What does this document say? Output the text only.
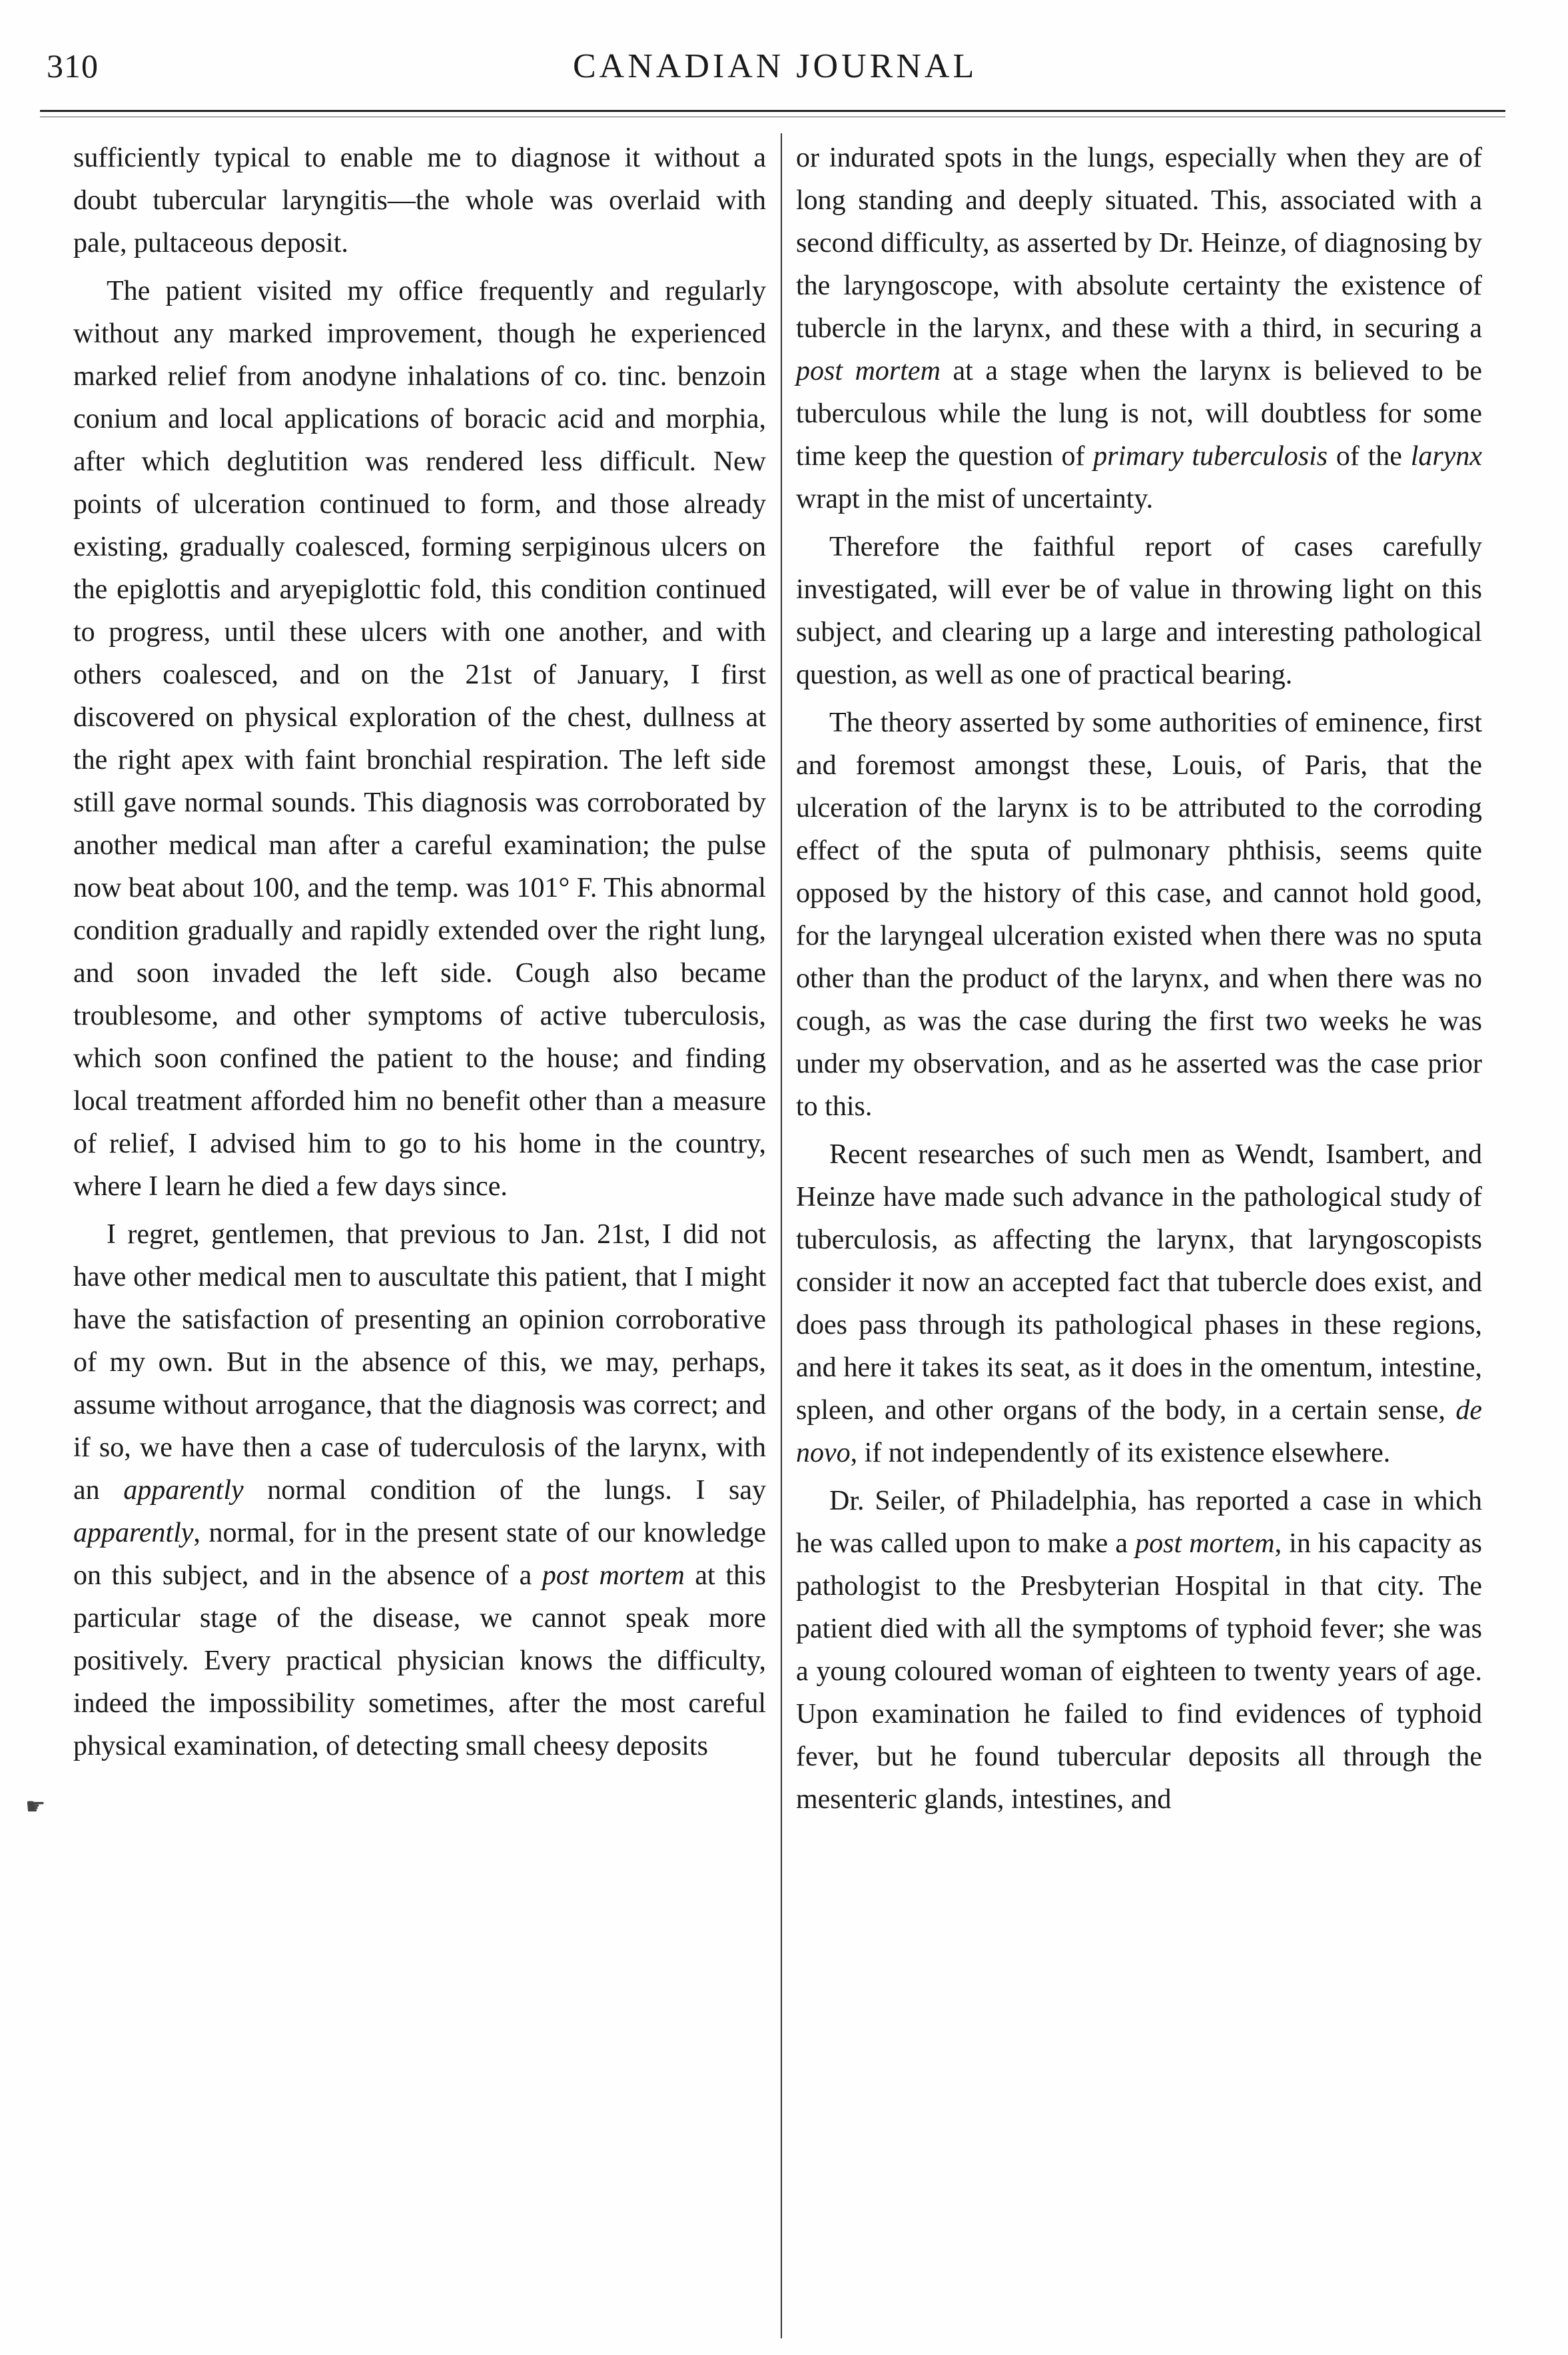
310	CANADIAN JOURNAL
☛

sufficiently typical to enable me to diagnose it without a doubt tubercular laryngitis—the whole was overlaid with pale, pultaceous deposit.

The patient visited my office frequently and regularly without any marked improvement, though he experienced marked relief from anodyne inhalations of co. tinc. benzoin conium and local applications of boracic acid and morphia, after which deglutition was rendered less difficult. New points of ulceration continued to form, and those already existing, gradually coalesced, forming serpiginous ulcers on the epiglottis and aryepiglottic fold, this condition continued to progress, until these ulcers with one another, and with others coalesced, and on the 21st of January, I first discovered on physical exploration of the chest, dullness at the right apex with faint bronchial respiration. The left side still gave normal sounds. This diagnosis was corroborated by another medical man after a careful examination; the pulse now beat about 100, and the temp. was 101° F. This abnormal condition gradually and rapidly extended over the right lung, and soon invaded the left side. Cough also became troublesome, and other symptoms of active tuberculosis, which soon confined the patient to the house; and finding local treatment afforded him no benefit other than a measure of relief, I advised him to go to his home in the country, where I learn he died a few days since.

I regret, gentlemen, that previous to Jan. 21st, I did not have other medical men to auscultate this patient, that I might have the satisfaction of presenting an opinion corroborative of my own. But in the absence of this, we may, perhaps, assume without arrogance, that the diagnosis was correct; and if so, we have then a case of tuderculosis of the larynx, with an apparently normal condition of the lungs. I say apparently, normal, for in the present state of our knowledge on this subject, and in the absence of a post mortem at this particular stage of the disease, we cannot speak more positively. Every practical physician knows the difficulty, indeed the impossibility sometimes, after the most careful physical examination, of detecting small cheesy deposits

or indurated spots in the lungs, especially when they are of long standing and deeply situated. This, associated with a second difficulty, as asserted by Dr. Heinze, of diagnosing by the laryngoscope, with absolute certainty the existence of tubercle in the larynx, and these with a third, in securing a post mortem at a stage when the larynx is believed to be tuberculous while the lung is not, will doubtless for some time keep the question of primary tuberculosis of the larynx wrapt in the mist of uncertainty.

Therefore the faithful report of cases carefully investigated, will ever be of value in throwing light on this subject, and clearing up a large and interesting pathological question, as well as one of practical bearing.

The theory asserted by some authorities of eminence, first and foremost amongst these, Louis, of Paris, that the ulceration of the larynx is to be attributed to the corroding effect of the sputa of pulmonary phthisis, seems quite opposed by the history of this case, and cannot hold good, for the laryngeal ulceration existed when there was no sputa other than the product of the larynx, and when there was no cough, as was the case during the first two weeks he was under my observation, and as he asserted was the case prior to this.

Recent researches of such men as Wendt, Isambert, and Heinze have made such advance in the pathological study of tuberculosis, as affecting the larynx, that laryngoscopists consider it now an accepted fact that tubercle does exist, and does pass through its pathological phases in these regions, and here it takes its seat, as it does in the omentum, intestine, spleen, and other organs of the body, in a certain sense, de novo, if not independently of its existence elsewhere.

Dr. Seiler, of Philadelphia, has reported a case in which he was called upon to make a post mortem, in his capacity as pathologist to the Presbyterian Hospital in that city. The patient died with all the symptoms of typhoid fever; she was a young coloured woman of eighteen to twenty years of age. Upon examination he failed to find evidences of typhoid fever, but he found tubercular deposits all through the mesenteric glands, intestines, and
